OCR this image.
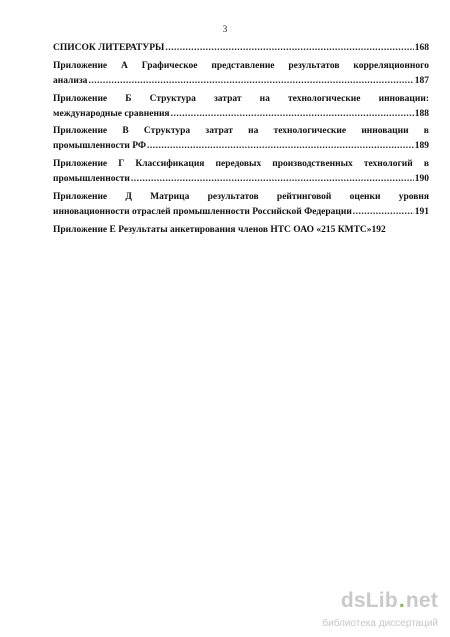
3
СПИСОК ЛИТЕРАТУРЫ .....	168
Приложение А Графическое представление результатов корреляционного
анализа .....	187
Приложение Б Структура затрат на технологические инновации:
международные сравнения .....	188
Приложение В Структура затрат на технологические инновации в
промышленности РФ .....	189
Приложение Г Классификация передовых производственных технологий в
промышленности .....	190
Приложение Д Матрица результатов рейтинговой оценки уровня
инновационности отраслей промышленности Российской Федерации .....	191
Приложение Е Результаты анкетирования членов НТС ОАО «215 КМТС» 192
dsLib . net
библиотека диссертаций
